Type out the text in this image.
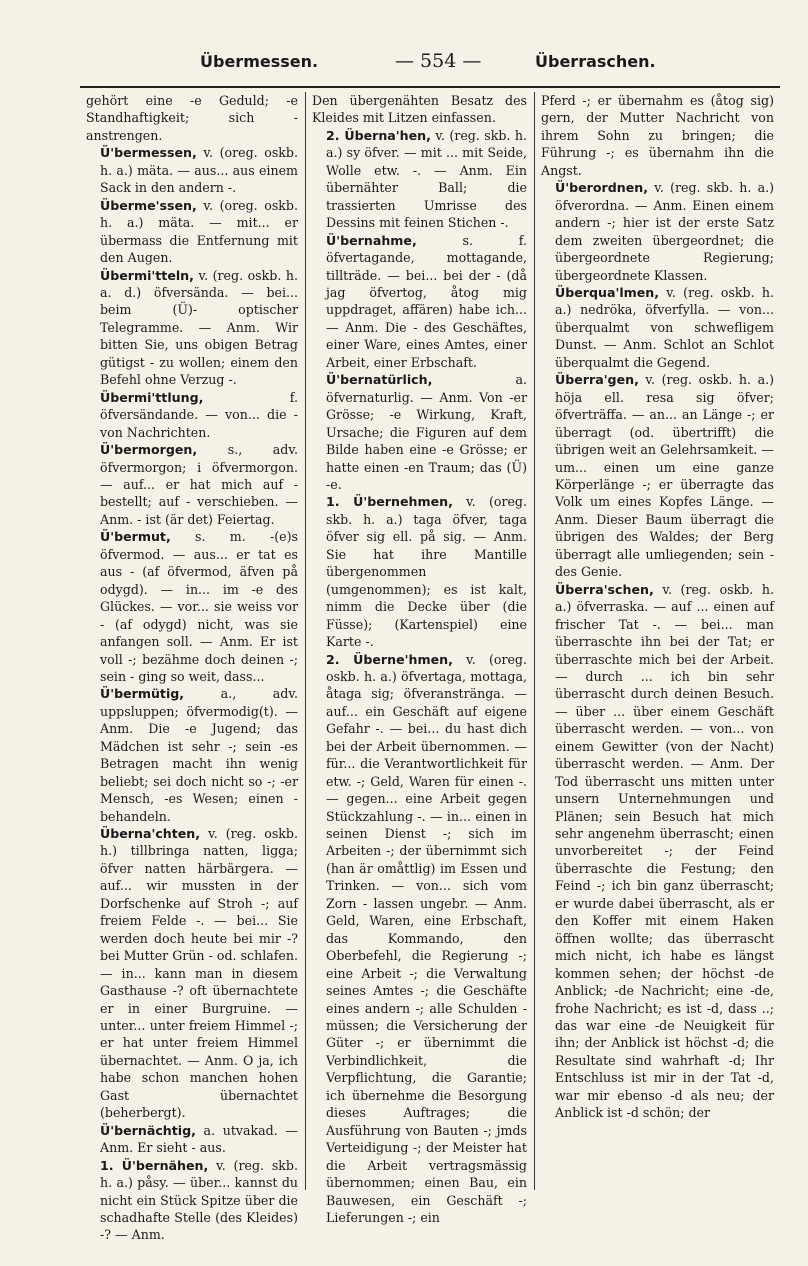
Übermessen.	— 554 —	Überraschen.

gehört eine -e Geduld; -e Standhaftigkeit; sich - anstrengen.

Ü'bermessen, v. (oreg. oskb. h. a.) mäta. — aus... aus einem Sack in den andern -.

Überme'ssen, v. (oreg. oskb. h. a.) mäta. — mit... er übermass die Entfernung mit den Augen.

Übermi'tteln, v. (reg. oskb. h. a. d.) öfversända. — bei... beim (Ü)- optischer Telegramme. — Anm. Wir bitten Sie, uns obigen Betrag gütigst - zu wollen; einem den Befehl ohne Verzug -.

Übermi'ttlung, f. öfversändande. — von... die - von Nachrichten.

Ü'bermorgen, s., adv. öfvermorgon; i öfvermorgon. — auf... er hat mich auf - bestellt; auf - verschieben. — Anm. - ist (är det) Feiertag.

Ü'bermut, s. m. -(e)s öfvermod. — aus... er tat es aus - (af öfvermod, äfven på odygd). — in... im -e des Glückes. — vor... sie weiss vor - (af odygd) nicht, was sie anfangen soll. — Anm. Er ist voll -; bezähme doch deinen -; sein - ging so weit, dass...

Ü'bermütig, a., adv. uppsluppen; öfvermodig(t). — Anm. Die -e Jugend; das Mädchen ist sehr -; sein -es Betragen macht ihn wenig beliebt; sei doch nicht so -; -er Mensch, -es Wesen; einen - behandeln.

Überna'chten, v. (reg. oskb. h.) tillbringa natten, ligga; öfver natten härbärgera. — auf... wir mussten in der Dorfschenke auf Stroh -; auf freiem Felde -. — bei... Sie werden doch heute bei mir -? bei Mutter Grün - od. schlafen. — in... kann man in diesem Gasthause -? oft übernachtete er in einer Burgruine. — unter... unter freiem Himmel -; er hat unter freiem Himmel übernachtet. — Anm. O ja, ich habe schon manchen hohen Gast übernachtet (beherbergt).

Ü'bernächtig, a. utvakad. — Anm. Er sieht - aus.

1. Ü'bernähen, v. (reg. skb. h. a.) påsy. — über... kannst du nicht ein Stück Spitze über die schadhafte Stelle (des Kleides) -? — Anm.

Den übergenähten Besatz des Kleides mit Litzen einfassen.

2. Überna'hen, v. (reg. skb. h. a.) sy öfver. — mit ... mit Seide, Wolle etw. -. — Anm. Ein übernähter Ball; die trassierten Umrisse des Dessins mit feinen Stichen -.

Ü'bernahme, s. f. öfvertagande, mottagande, tillträde. — bei... bei der - (då jag öfvertog, åtog mig uppdraget, affären) habe ich... — Anm. Die - des Geschäftes, einer Ware, eines Amtes, einer Arbeit, einer Erbschaft.

Ü'bernatürlich, a. öfvernaturlig. — Anm. Von -er Grösse; -e Wirkung, Kraft, Ursache; die Figuren auf dem Bilde haben eine -e Grösse; er hatte einen -en Traum; das (Ü) -e.

1. Ü'bernehmen, v. (oreg. skb. h. a.) taga öfver, taga öfver sig ell. på sig. — Anm. Sie hat ihre Mantille übergenommen (umgenommen); es ist kalt, nimm die Decke über (die Füsse); (Kartenspiel) eine Karte -.

2. Überne'hmen, v. (oreg. oskb. h. a.) öfvertaga, mottaga, åtaga sig; öfveranstränga. — auf... ein Geschäft auf eigene Gefahr -. — bei... du hast dich bei der Arbeit übernommen. — für... die Verantwortlichkeit für etw. -; Geld, Waren für einen -. — gegen... eine Arbeit gegen Stückzahlung -. — in... einen in seinen Dienst -; sich im Arbeiten -; der übernimmt sich (han är omåttlig) im Essen und Trinken. — von... sich vom Zorn - lassen ungebr. — Anm. Geld, Waren, eine Erbschaft, das Kommando, den Oberbefehl, die Regierung -; eine Arbeit -; die Verwaltung seines Amtes -; die Geschäfte eines andern -; alle Schulden - müssen; die Versicherung der Güter -; er übernimmt die Verbindlichkeit, die Verpflichtung, die Garantie; ich übernehme die Besorgung dieses Auftrages; die Ausführung von Bauten -; jmds Verteidigung -; der Meister hat die Arbeit vertragsmässig übernommen; einen Bau, ein Bauwesen, ein Geschäft -; Lieferungen -; ein

Pferd -; er übernahm es (åtog sig) gern, der Mutter Nachricht von ihrem Sohn zu bringen; die Führung -; es übernahm ihn die Angst.

Ü'berordnen, v. (reg. skb. h. a.) öfverordna. — Anm. Einen einem andern -; hier ist der erste Satz dem zweiten übergeordnet; die übergeordnete Regierung; übergeordnete Klassen.

Überqua'lmen, v. (reg. oskb. h. a.) nedröka, öfverfylla. — von... überqualmt von schwefligem Dunst. — Anm. Schlot an Schlot überqualmt die Gegend.

Überra'gen, v. (reg. oskb. h. a.) höja ell. resa sig öfver; öfverträffa. — an... an Länge -; er überragt (od. übertrifft) die übrigen weit an Gelehrsamkeit. — um... einen um eine ganze Körperlänge -; er überragte das Volk um eines Kopfes Länge. — Anm. Dieser Baum überragt die übrigen des Waldes; der Berg überragt alle umliegenden; sein -des Genie.

Überra'schen, v. (reg. oskb. h. a.) öfverraska. — auf ... einen auf frischer Tat -. — bei... man überraschte ihn bei der Tat; er überraschte mich bei der Arbeit. — durch ... ich bin sehr überrascht durch deinen Besuch. — über ... über einem Geschäft überrascht werden. — von... von einem Gewitter (von der Nacht) überrascht werden. — Anm. Der Tod überrascht uns mitten unter unsern Unternehmungen und Plänen; sein Besuch hat mich sehr angenehm überrascht; einen unvorbereitet -; der Feind überraschte die Festung; den Feind -; ich bin ganz überrascht; er wurde dabei überrascht, als er den Koffer mit einem Haken öffnen wollte; das überrascht mich nicht, ich habe es längst kommen sehen; der höchst -de Anblick; -de Nachricht; eine -de, frohe Nachricht; es ist -d, dass ..; das war eine -de Neuigkeit für ihn; der Anblick ist höchst -d; die Resultate sind wahrhaft -d; Ihr Entschluss ist mir in der Tat -d, war mir ebenso -d als neu; der Anblick ist -d schön; der
